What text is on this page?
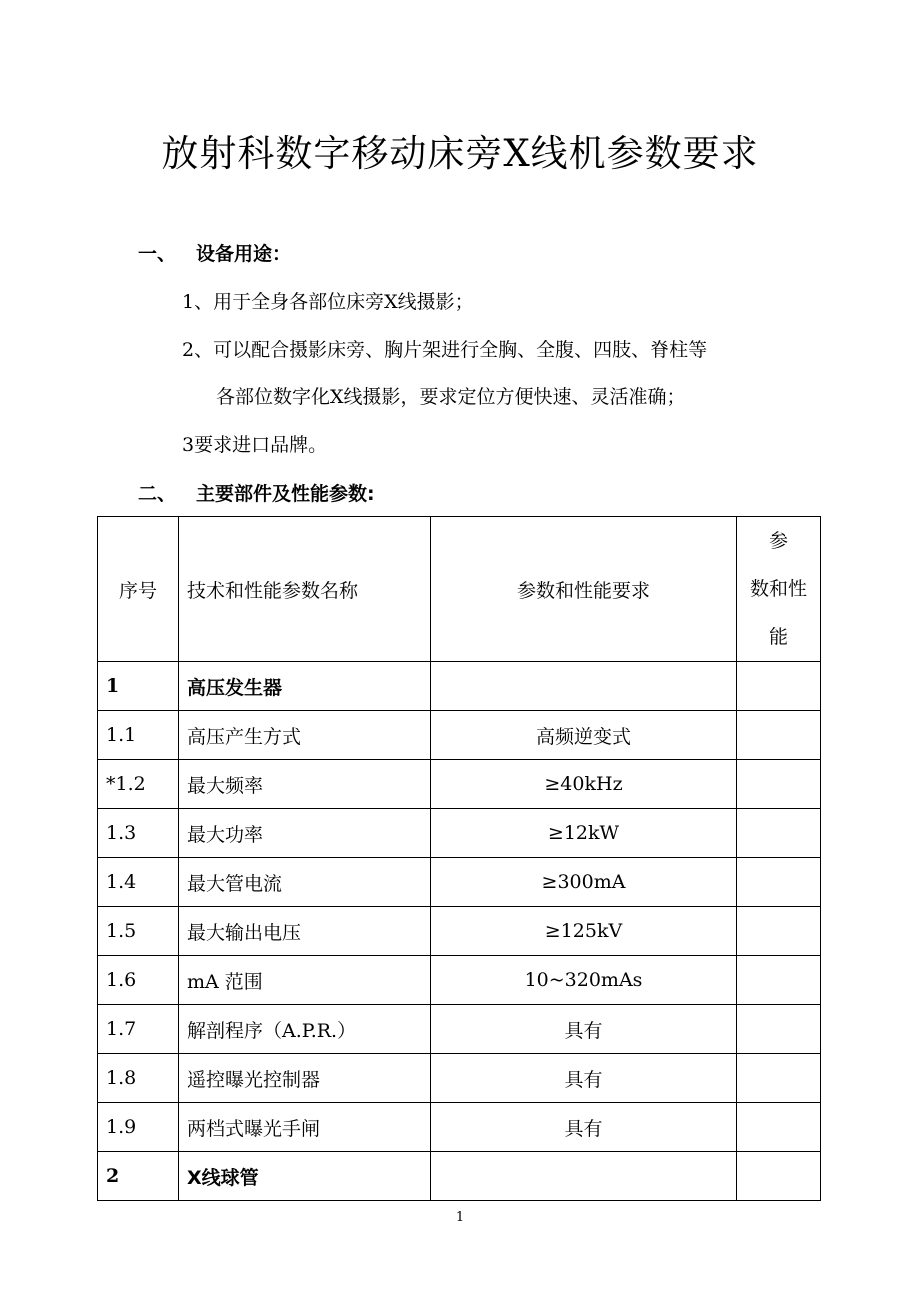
放射科数字移动床旁X线机参数要求
一、 设备用途：
1、用于全身各部位床旁X线摄影；
2、可以配合摄影床旁、胸片架进行全胸、全腹、四肢、脊柱等
各部位数字化X线摄影，要求定位方便快速、灵活准确；
3要求进口品牌。
二、 主要部件及性能参数:
序号	技术和性能参数名称	参数和性能要求	参
数和性
能

1	高压发生器		
1.1	高压产生方式	高频逆变式	
*1.2	最大频率	≥40kHz	
1.3	最大功率	≥12kW	
1.4	最大管电流	≥300mA	
1.5	最大输出电压	≥125kV	
1.6	mA 范围	10~320mAs	
1.7	解剖程序（A.P.R.）	具有	
1.8	遥控曝光控制器	具有	
1.9	两档式曝光手闸	具有	
2	X线球管		
1
